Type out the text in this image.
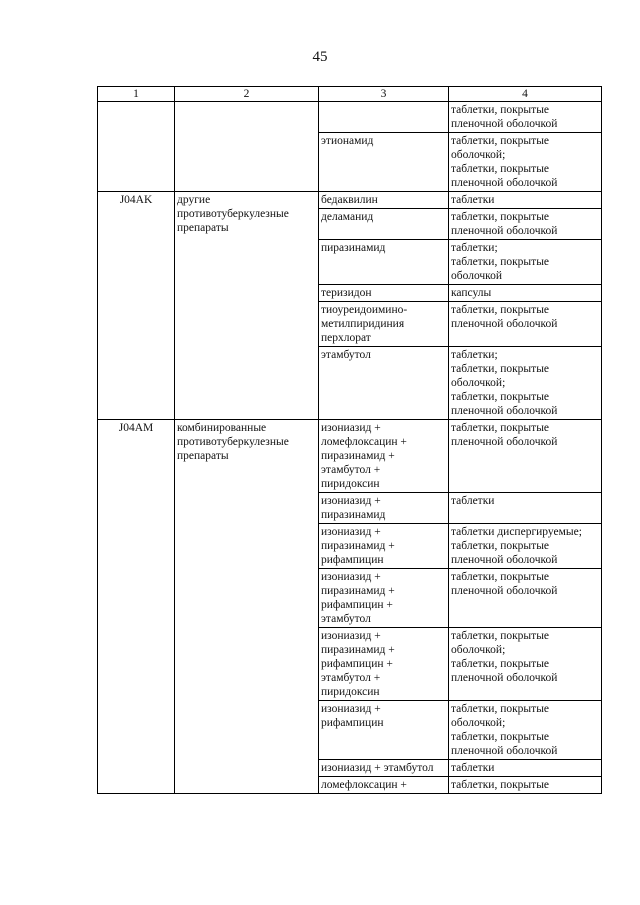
45
1	2	3	4
			таблетки, покрытые
пленочной оболочкой
		этионамид	таблетки, покрытые
оболочкой;
таблетки, покрытые
пленочной оболочкой
J04AK	другие
противотуберкулезные
препараты	бедаквилин	таблетки
		деламанид	таблетки, покрытые
пленочной оболочкой
		пиразинамид	таблетки;
таблетки, покрытые
оболочкой
		теризидон	капсулы
		тиоуреидоимино-
метилпиридиния
перхлорат	таблетки, покрытые
пленочной оболочкой
		этамбутол	таблетки;
таблетки, покрытые
оболочкой;
таблетки, покрытые
пленочной оболочкой
J04AM	комбинированные
противотуберкулезные
препараты	изониазид +
ломефлоксацин +
пиразинамид +
этамбутол +
пиридоксин	таблетки, покрытые
пленочной оболочкой
		изониазид +
пиразинамид	таблетки
		изониазид +
пиразинамид +
рифампицин	таблетки диспергируемые;
таблетки, покрытые
пленочной оболочкой
		изониазид +
пиразинамид +
рифампицин +
этамбутол	таблетки, покрытые
пленочной оболочкой
		изониазид +
пиразинамид +
рифампицин +
этамбутол +
пиридоксин	таблетки, покрытые
оболочкой;
таблетки, покрытые
пленочной оболочкой
		изониазид +
рифампицин	таблетки, покрытые
оболочкой;
таблетки, покрытые
пленочной оболочкой
		изониазид + этамбутол	таблетки
		ломефлоксацин +	таблетки, покрытые
